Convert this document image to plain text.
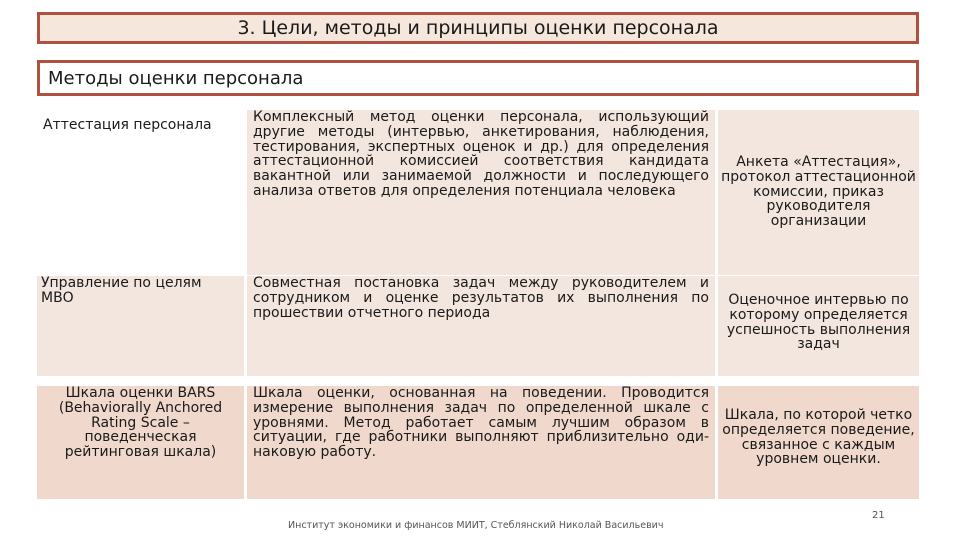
3. Цели, методы и принципы оценки персонала
Методы оценки персонала
Аттестация персонала	Комплексный метод оценки персонала, использующий другие методы (интервью, анкетирования, наблюдения, тестирования, экспертных оценок и др.) для определения аттестационной комиссией соответствия кандидата вакантной или занимаемой должности и последующего анализа ответов для определения потенциала человека
Анкета «Аттестация», протокол аттестационной комиссии, приказ руководителя организации
Управление по целям МВО
Совместная постановка задач между руководителем и сотрудником и оценке результатов их выполнения по прошествии отчетного периода
Оценочное интервью по которому определяется успешность выполнения задач
Шкала оценки BARS (Behaviorally Anchored Rating Scale – поведенческая рейтинговая шкала)
Шкала оценки, основанная на поведении. Проводится измерение выполнения задач по определенной шкале с уровнями. Метод работает самым лучшим образом в ситуации, где работники выполняют приблизительно оди-наковую работу.
Шкала, по которой четко определяется поведение, связанное с каждым уровнем оценки.
Институт экономики и финансов МИИТ, Стеблянский Николай Васильевич
21
